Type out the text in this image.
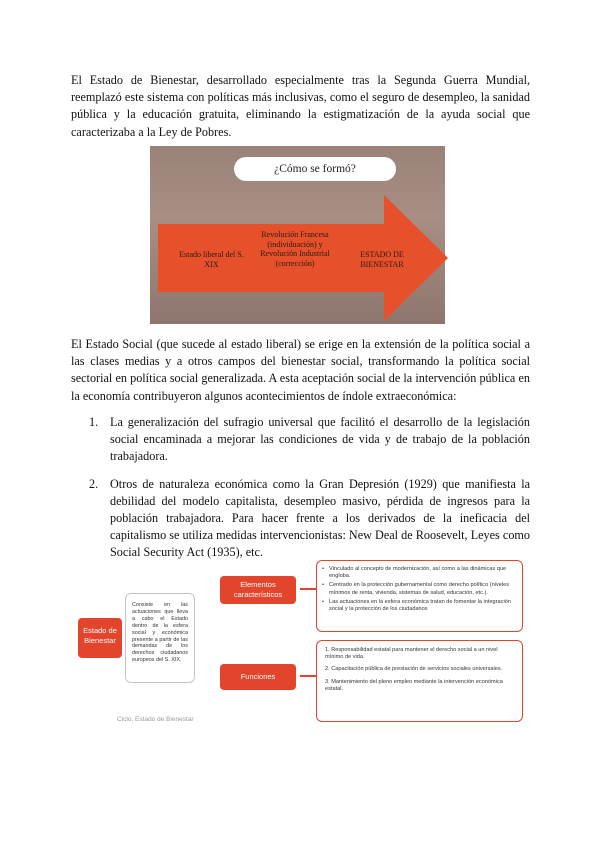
El Estado de Bienestar, desarrollado especialmente tras la Segunda Guerra Mundial, reemplazó este sistema con políticas más inclusivas, como el seguro de desempleo, la sanidad pública y la educación gratuita, eliminando la estigmatización de la ayuda social que caracterizaba a la Ley de Pobres.

¿Cómo se formó?
Estado liberal del S. XIX
Revolución Francesa (individuación) y Revolución Industrial (corrección)
ESTADO DE BIENESTAR

El Estado Social (que sucede al estado liberal) se erige en la extensión de la política social a las clases medias y a otros campos del bienestar social, transformando la política social sectorial en política social generalizada. A esta aceptación social de la intervención pública en la economía contribuyeron algunos acontecimientos de índole extraeconómica:

1. La generalización del sufragio universal que facilitó el desarrollo de la legislación social encaminada a mejorar las condiciones de vida y de trabajo de la población trabajadora.
2. Otros de naturaleza económica como la Gran Depresión (1929) que manifiesta la debilidad del modelo capitalista, desempleo masivo, pérdida de ingresos para la población trabajadora. Para hacer frente a los derivados de la ineficacia del capitalismo se utiliza medidas intervencionistas: New Deal de Roosevelt, Leyes como Social Security Act (1935), etc.
Estado de Bienestar
Consiste en las actuaciones que lleva a cabo el Estado dentro de la esfera social y económica presente a partir de las demandas de los derechos ciudadanos europeos del S. XIX.
Elementos característicos
Funciones
• Vinculado al concepto de modernización, así como a las dinámicas que engloba.
• Centrado en la protección gubernamental como derecho político (niveles mínimos de renta, vivienda, sistemas de salud, educación, etc.).
• Las actuaciones en la esfera económica tratan de fomentar la integración social y la protección de los ciudadanos
1. Responsabilidad estatal para mantener el derecho social a un nivel mínimo de vida.
2. Capacitación pública de prestación de servicios sociales universales.
3. Mantenimiento del pleno empleo mediante la intervención económica estatal.
Ciclo. Estado de Bienestar
